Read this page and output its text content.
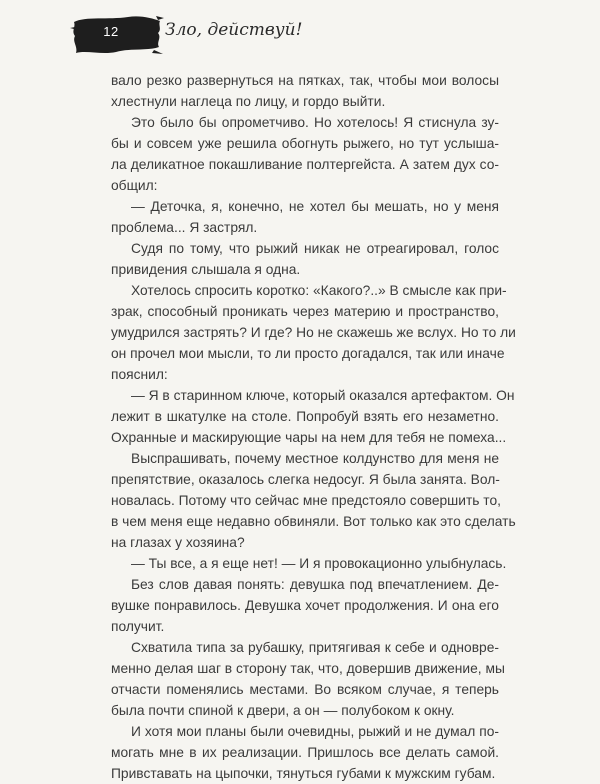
12	Зло, действуй!

вало резко развернуться на пятках, так, чтобы мои волосы

хлестнули наглеца по лицу, и гордо выйти.

Это было бы опрометчиво. Но хотелось! Я стиснула зу-

бы и совсем уже решила обогнуть рыжего, но тут услыша-

ла деликатное покашливание полтергейста. А затем дух со-

общил:

— Деточка, я, конечно, не хотел бы мешать, но у меня

проблема... Я застрял.

Судя по тому, что рыжий никак не отреагировал, голос

привидения слышала я одна.

Хотелось спросить коротко: «Какого?..» В смысле как при-

зрак, способный проникать через материю и пространство,

умудрился застрять? И где? Но не скажешь же вслух. Но то ли

он прочел мои мысли, то ли просто догадался, так или иначе

пояснил:

— Я в старинном ключе, который оказался артефактом. Он

лежит в шкатулке на столе. Попробуй взять его незаметно.

Охранные и маскирующие чары на нем для тебя не помеха...

Выспрашивать, почему местное колдунство для меня не

препятствие, оказалось слегка недосуг. Я была занята. Вол-

новалась. Потому что сейчас мне предстояло совершить то,

в чем меня еще недавно обвиняли. Вот только как это сделать

на глазах у хозяина?

— Ты все, а я еще нет! — И я провокационно улыбнулась.

Без слов давая понять: девушка под впечатлением. Де-

вушке понравилось. Девушка хочет продолжения. И она его

получит.

Схватила типа за рубашку, притягивая к себе и одновре-

менно делая шаг в сторону так, что, довершив движение, мы

отчасти поменялись местами. Во всяком случае, я теперь

была почти спиной к двери, а он — полубоком к окну.

И хотя мои планы были очевидны, рыжий и не думал по-

могать мне в их реализации. Пришлось все делать самой.

Привставать на цыпочки, тянуться губами к мужским губам.
